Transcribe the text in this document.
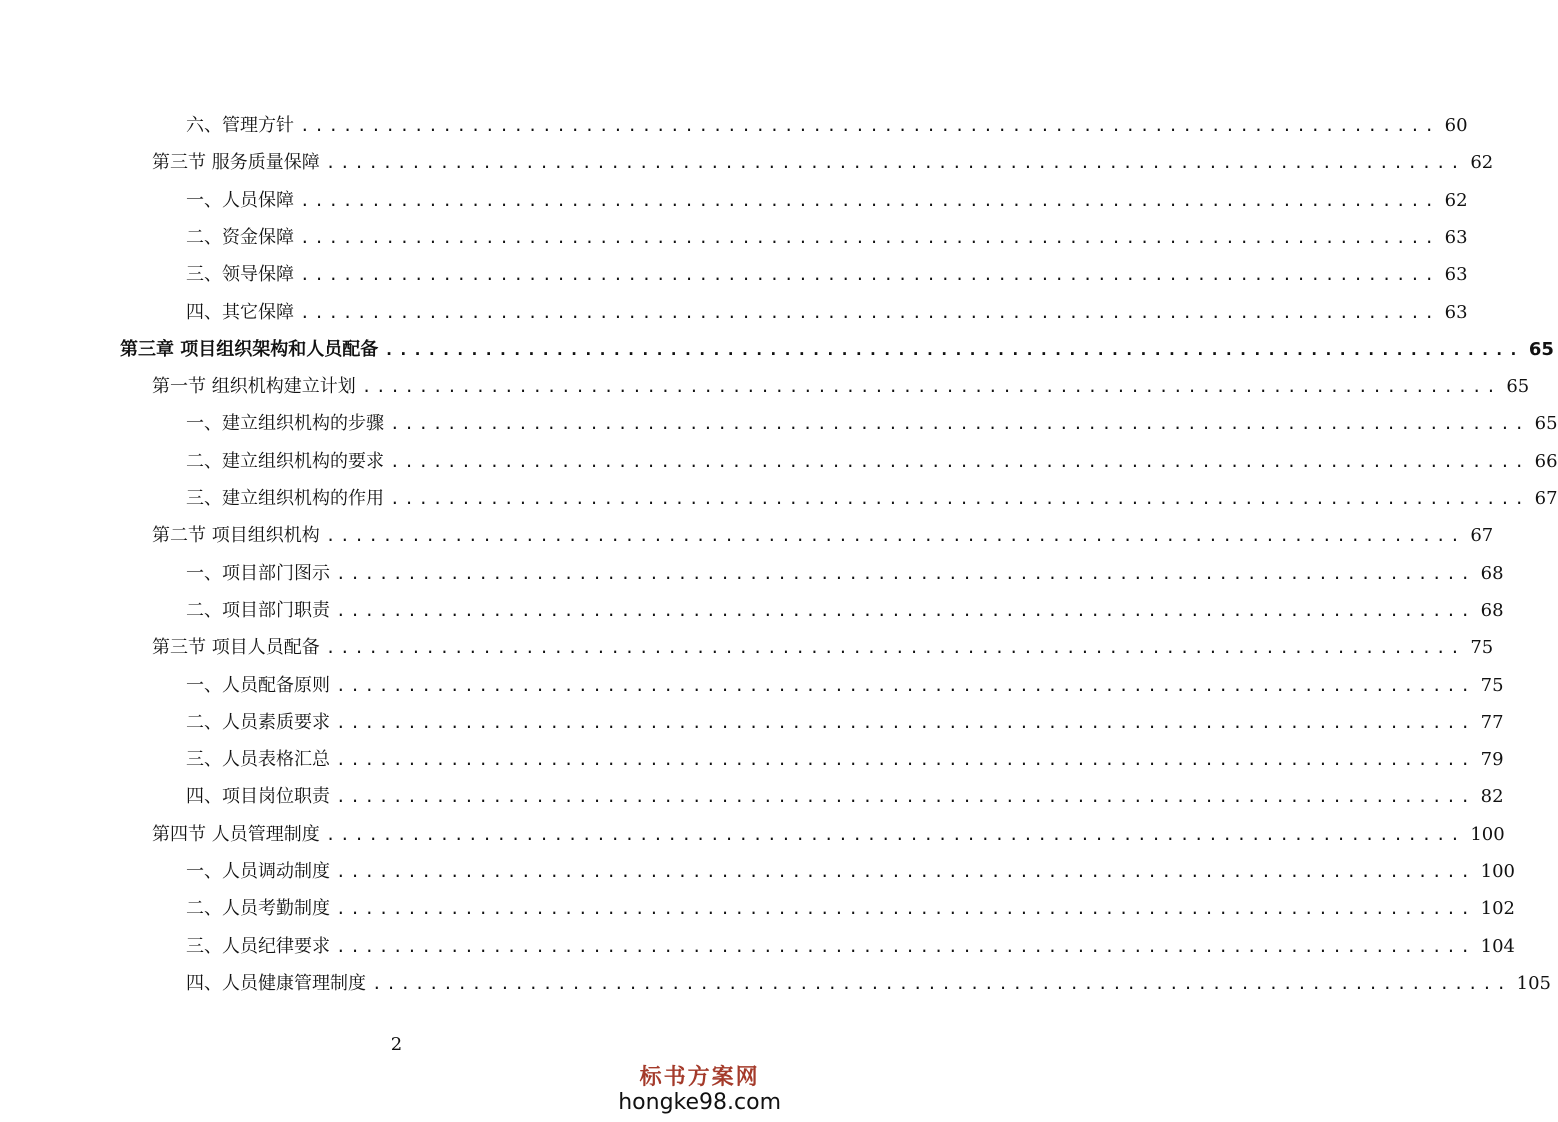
六、管理方针 ................................................................................ 60
第三节 服务质量保障 ................................................................................ 62
一、人员保障 ................................................................................ 62
二、资金保障 ................................................................................ 63
三、领导保障 ................................................................................ 63
四、其它保障 ................................................................................ 63
第三章 项目组织架构和人员配备 ................................................................................ 65
第一节 组织机构建立计划 ................................................................................ 65
一、建立组织机构的步骤 ................................................................................ 65
二、建立组织机构的要求 ................................................................................ 66
三、建立组织机构的作用 ................................................................................ 67
第二节 项目组织机构 ................................................................................ 67
一、项目部门图示 ................................................................................ 68
二、项目部门职责 ................................................................................ 68
第三节 项目人员配备 ................................................................................ 75
一、人员配备原则 ................................................................................ 75
二、人员素质要求 ................................................................................ 77
三、人员表格汇总 ................................................................................ 79
四、项目岗位职责 ................................................................................ 82
第四节 人员管理制度 ................................................................................ 100
一、人员调动制度 ................................................................................ 100
二、人员考勤制度 ................................................................................ 102
三、人员纪律要求 ................................................................................ 104
四、人员健康管理制度 ................................................................................ 105
2
标书方案网
hongke98.com
